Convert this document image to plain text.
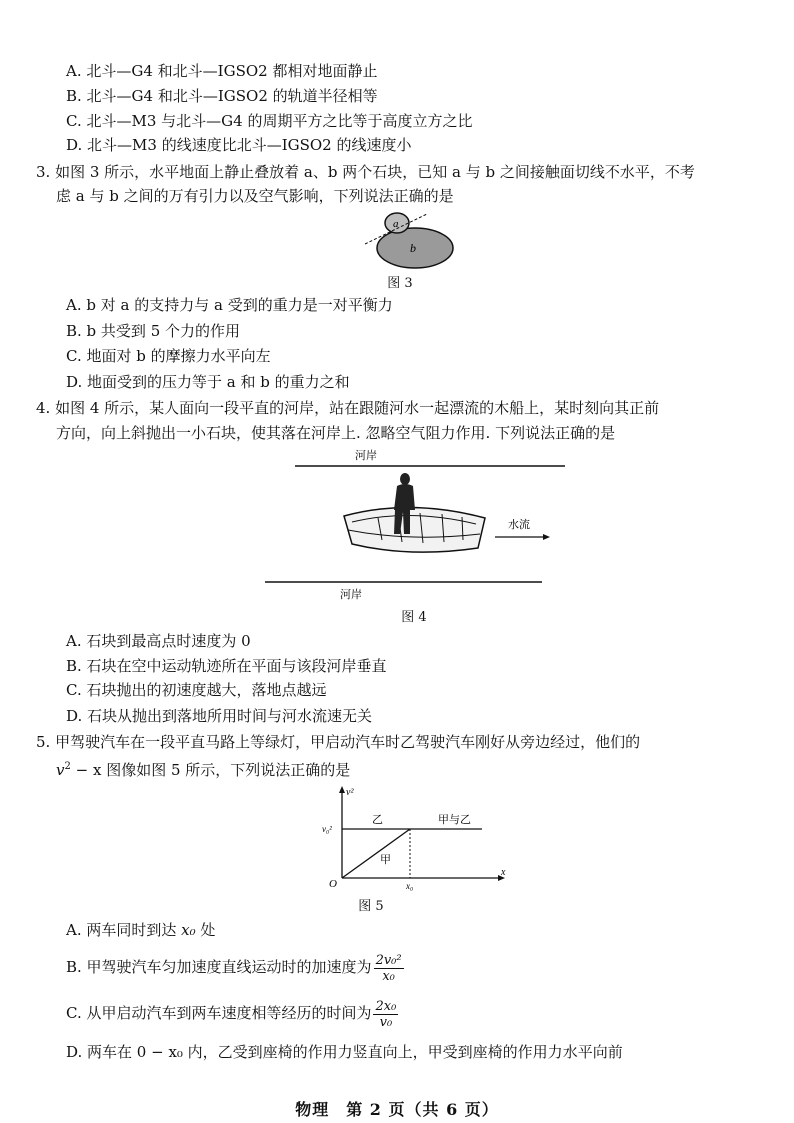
A. 北斗—G4 和北斗—IGSO2 都相对地面静止
B. 北斗—G4 和北斗—IGSO2 的轨道半径相等
C. 北斗—M3 与北斗—G4 的周期平方之比等于高度立方之比
D. 北斗—M3 的线速度比北斗—IGSO2 的线速度小
3. 如图 3 所示，水平地面上静止叠放着 a、b 两个石块，已知 a 与 b 之间接触面切线不水平，不考
虑 a 与 b 之间的万有引力以及空气影响，下列说法正确的是
a
b
图 3
A. b 对 a 的支持力与 a 受到的重力是一对平衡力
B. b 共受到 5 个力的作用
C. 地面对 b 的摩擦力水平向左
D. 地面受到的压力等于 a 和 b 的重力之和
4. 如图 4 所示，某人面向一段平直的河岸，站在跟随河水一起漂流的木船上，某时刻向其正前
方向，向上斜抛出一小石块，使其落在河岸上. 忽略空气阻力作用. 下列说法正确的是
河岸
水流
河岸
图 4
A. 石块到最高点时速度为 0
B. 石块在空中运动轨迹所在平面与该段河岸垂直
C. 石块抛出的初速度越大，落地点越远
D. 石块从抛出到落地所用时间与河水流速无关
5. 甲驾驶汽车在一段平直马路上等绿灯，甲启动汽车时乙驾驶汽车刚好从旁边经过，他们的
$v^2 - x$ 图像如图 5 所示，下列说法正确的是
v²
x
O
v₀²
x₀
乙
甲
甲与乙
图 5
A. 两车同时到达 x₀ 处
B. 甲驾驶汽车匀加速度直线运动时的加速度为 $\frac{\text{2v₀²}}{\text{x₀}}$
C. 从甲启动汽车到两车速度相等经历的时间为 $\frac{\text{2x₀}}{\text{v₀}}$
D. 两车在 0 − x₀ 内，乙受到座椅的作用力竖直向上，甲受到座椅的作用力水平向前
物理　第 2 页（共 6 页）
